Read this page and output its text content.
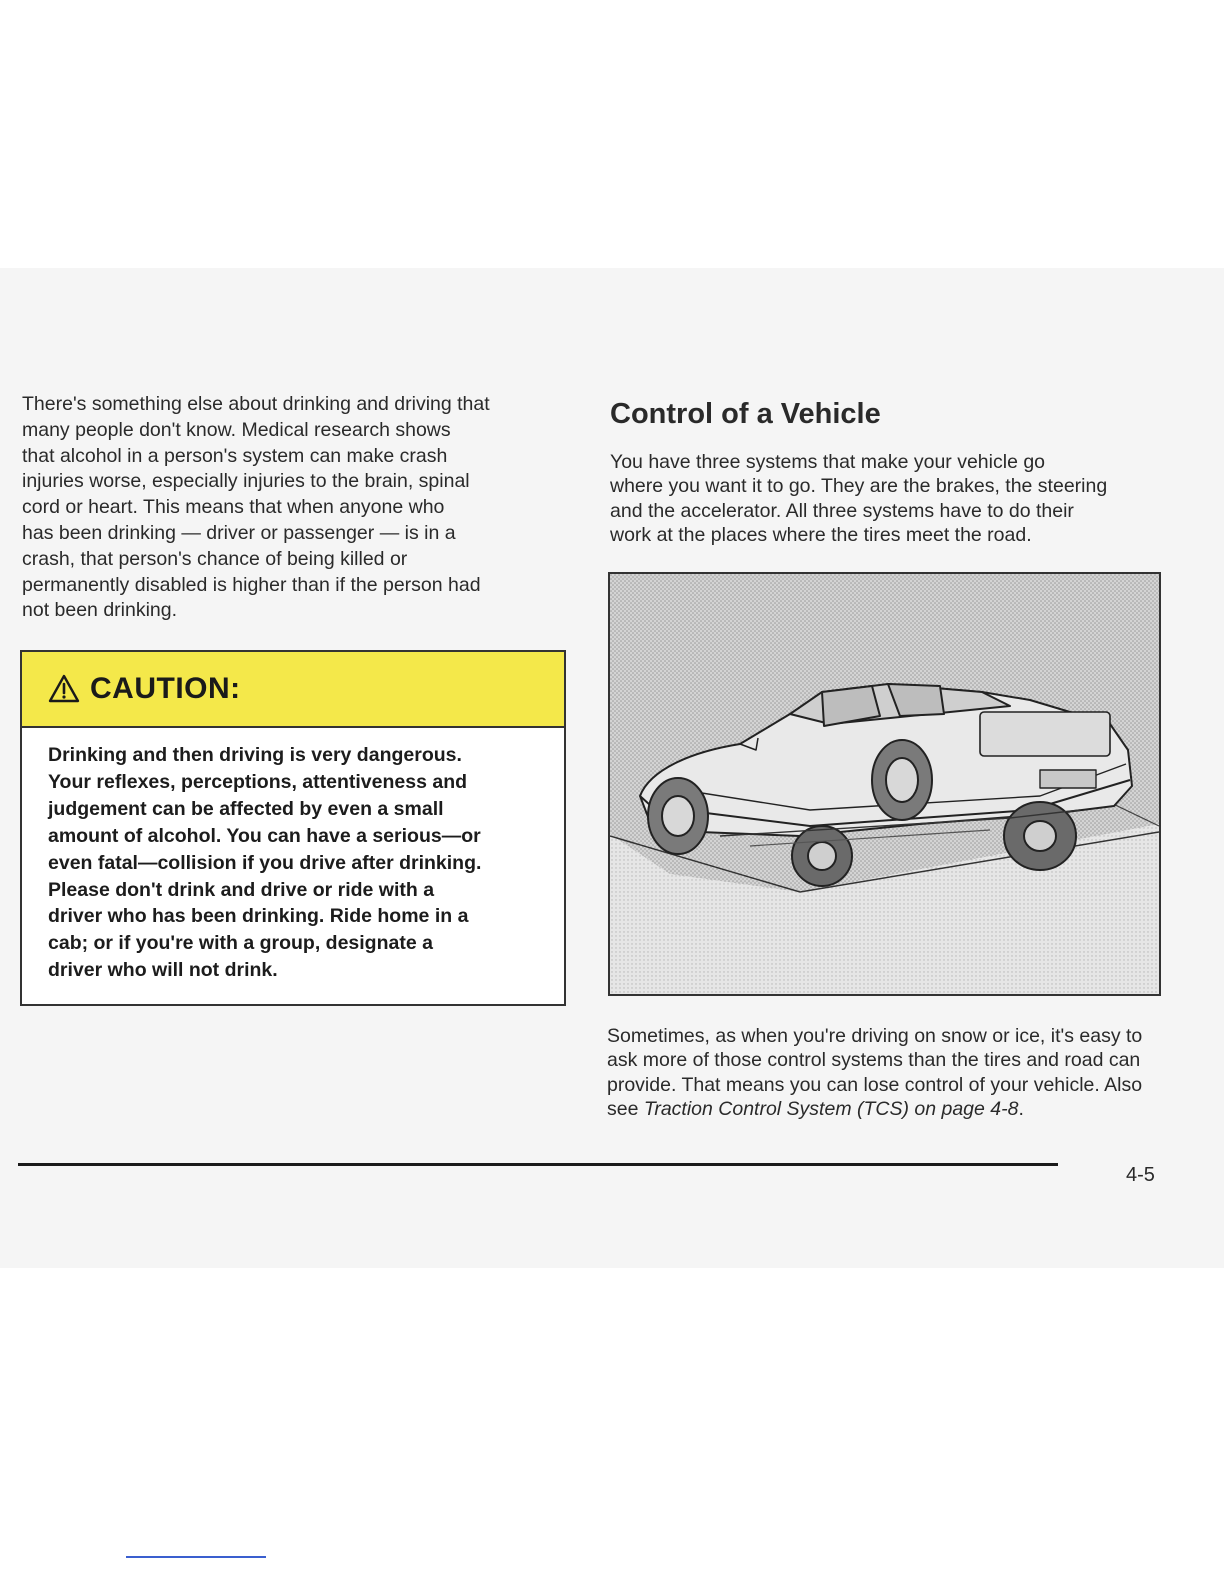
There's something else about drinking and driving that
many people don't know. Medical research shows
that alcohol in a person's system can make crash
injuries worse, especially injuries to the brain, spinal
cord or heart. This means that when anyone who
has been drinking — driver or passenger — is in a
crash, that person's chance of being killed or
permanently disabled is higher than if the person had
not been drinking.

CAUTION:

Drinking and then driving is very dangerous.
Your reflexes, perceptions, attentiveness and
judgement can be affected by even a small
amount of alcohol. You can have a serious—or
even fatal—collision if you drive after drinking.
Please don't drink and drive or ride with a
driver who has been drinking. Ride home in a
cab; or if you're with a group, designate a
driver who will not drink.

Control of a Vehicle

You have three systems that make your vehicle go
where you want it to go. They are the brakes, the steering
and the accelerator. All three systems have to do their
work at the places where the tires meet the road.

Sometimes, as when you're driving on snow or ice, it's easy to ask more of those control systems than the tires and road can provide. That means you can lose control of your vehicle. Also see Traction Control System (TCS) on page 4-8.

4-5
